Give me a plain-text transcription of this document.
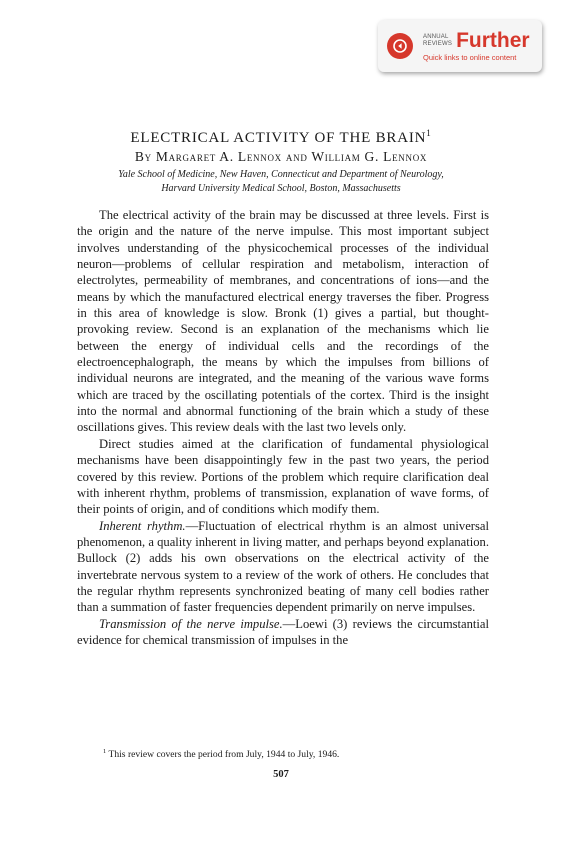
ANNUAL
REVIEWS Further
Quick links to online content
ELECTRICAL ACTIVITY OF THE BRAIN$^1$
By Margaret A. Lennox and William G. Lennox
Yale School of Medicine, New Haven, Connecticut and Department of Neurology,
Harvard University Medical School, Boston, Massachusetts

The electrical activity of the brain may be discussed at three levels. First is the origin and the nature of the nerve impulse. This most important subject involves understanding of the physicochemical processes of the individual neuron—problems of cellular respiration and metabolism, interaction of electrolytes, permeability of membranes, and concentrations of ions—and the means by which the manufactured electrical energy traverses the fiber. Progress in this area of knowledge is slow. Bronk (1) gives a partial, but thought-provoking review. Second is an explanation of the mechanisms which lie between the energy of individual cells and the recordings of the electroencephalograph, the means by which the impulses from billions of individual neurons are integrated, and the meaning of the various wave forms which are traced by the oscillating potentials of the cortex. Third is the insight into the normal and abnormal functioning of the brain which a study of these oscillations gives. This review deals with the last two levels only.

Direct studies aimed at the clarification of fundamental physiological mechanisms have been disappointingly few in the past two years, the period covered by this review. Portions of the problem which require clarification deal with inherent rhythm, problems of transmission, explanation of wave forms, of their points of origin, and of conditions which modify them.

Inherent rhythm.—Fluctuation of electrical rhythm is an almost universal phenomenon, a quality inherent in living matter, and perhaps beyond explanation. Bullock (2) adds his own observations on the electrical activity of the invertebrate nervous system to a review of the work of others. He concludes that the regular rhythm represents synchronized beating of many cell bodies rather than a summation of faster frequencies dependent primarily on nerve impulses.

Transmission of the nerve impulse.—Loewi (3) reviews the circumstantial evidence for chemical transmission of impulses in the

$^1$ This review covers the period from July, 1944 to July, 1946.
507
